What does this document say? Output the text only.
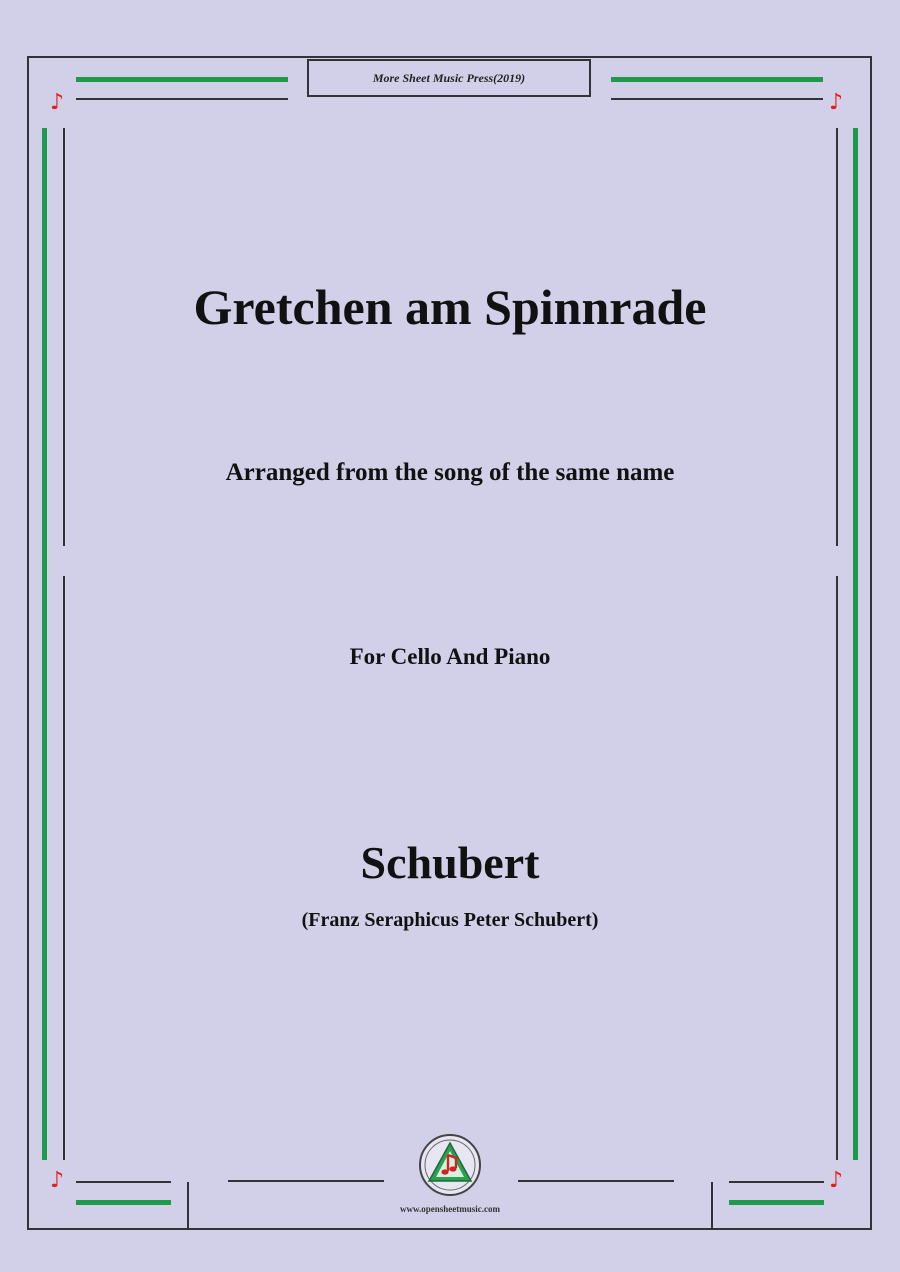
More Sheet Music Press(2019)
♪	♪
♪	♪
Gretchen am Spinnrade
Arranged from the song of the same name
For Cello And Piano
Schubert
(Franz Seraphicus Peter Schubert)
www.opensheetmusic.com
